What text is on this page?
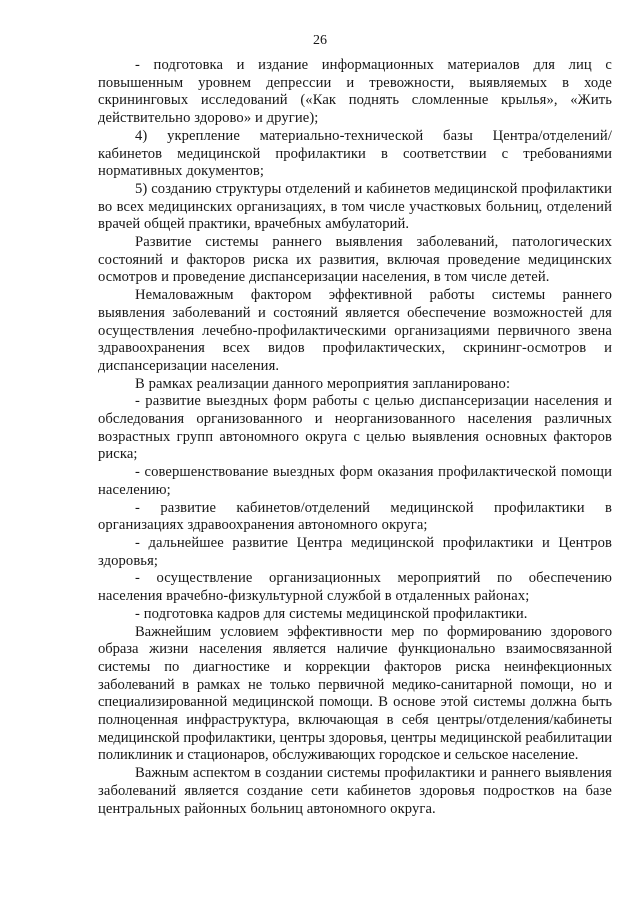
26

- подготовка и издание информационных материалов для лиц с повышенным уровнем депрессии и тревожности, выявляемых в ходе скрининговых исследований («Как поднять сломленные крылья», «Жить действительно здорово» и другие);

4) укрепление материально-технической базы Центра/отделений/ кабинетов медицинской профилактики в соответствии с требованиями нормативных документов;

5) созданию структуры отделений и кабинетов медицинской профилактики во всех медицинских организациях, в том числе участковых больниц, отделений врачей общей практики, врачебных амбулаторий.

Развитие системы раннего выявления заболеваний, патологических состояний и факторов риска их развития, включая проведение медицинских осмотров и проведение диспансеризации населения, в том числе детей.

Немаловажным фактором эффективной работы системы раннего выявления заболеваний и состояний является обеспечение возможностей для осуществления лечебно-профилактическими организациями первичного звена здравоохранения всех видов профилактических, скрининг-осмотров и диспансеризации населения.

В рамках реализации данного мероприятия запланировано:

- развитие выездных форм работы с целью диспансеризации населения и обследования организованного и неорганизованного населения различных возрастных групп автономного округа с целью выявления основных факторов риска;

- совершенствование выездных форм оказания профилактической помощи населению;

- развитие кабинетов/отделений медицинской профилактики в организациях здравоохранения автономного округа;

- дальнейшее развитие Центра медицинской профилактики и Центров здоровья;

- осуществление организационных мероприятий по обеспечению населения врачебно-физкультурной службой в отдаленных районах;

- подготовка кадров для системы медицинской профилактики.

Важнейшим условием эффективности мер по формированию здорового образа жизни населения является наличие функционально взаимосвязанной системы по диагностике и коррекции факторов риска неинфекционных заболеваний в рамках не только первичной медико-санитарной помощи, но и специализированной медицинской помощи. В основе этой системы должна быть полноценная инфраструктура, включающая в себя центры/отделения/кабинеты медицинской профилактики, центры здоровья, центры медицинской реабилитации поликлиник и стационаров, обслуживающих городское и сельское население.

Важным аспектом в создании системы профилактики и раннего выявления заболеваний является создание сети кабинетов здоровья подростков на базе центральных районных больниц автономного округа.
